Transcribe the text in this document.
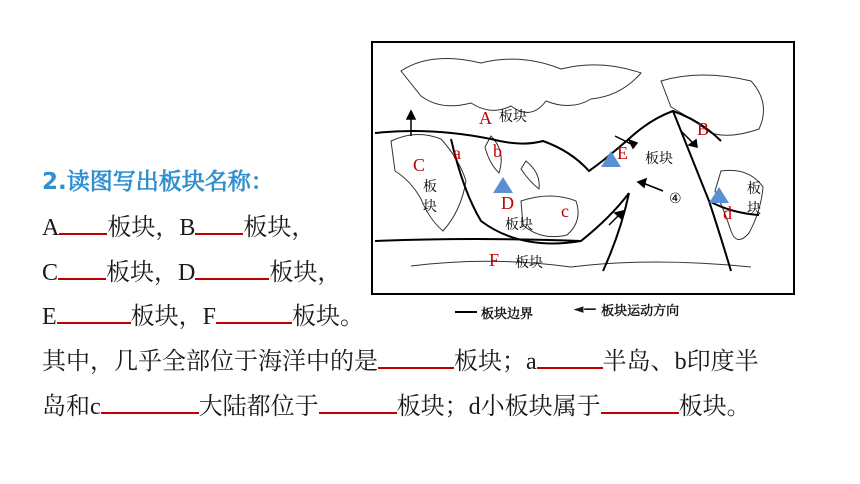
2.读图写出板块名称：
A 板块，B 板块，
C 板块，D	板块，
E	板块，F	板块。
其中，几乎全部位于海洋中的是	板块；a	半岛、b印度半
岛和c	大陆都位于	板块；d小板块属于	板块。
A 板块
B
C
板
块
a b
D	c
板块
E 板块
F 板块
d
④
板
块
板块边界	◄— 板块运动方向
